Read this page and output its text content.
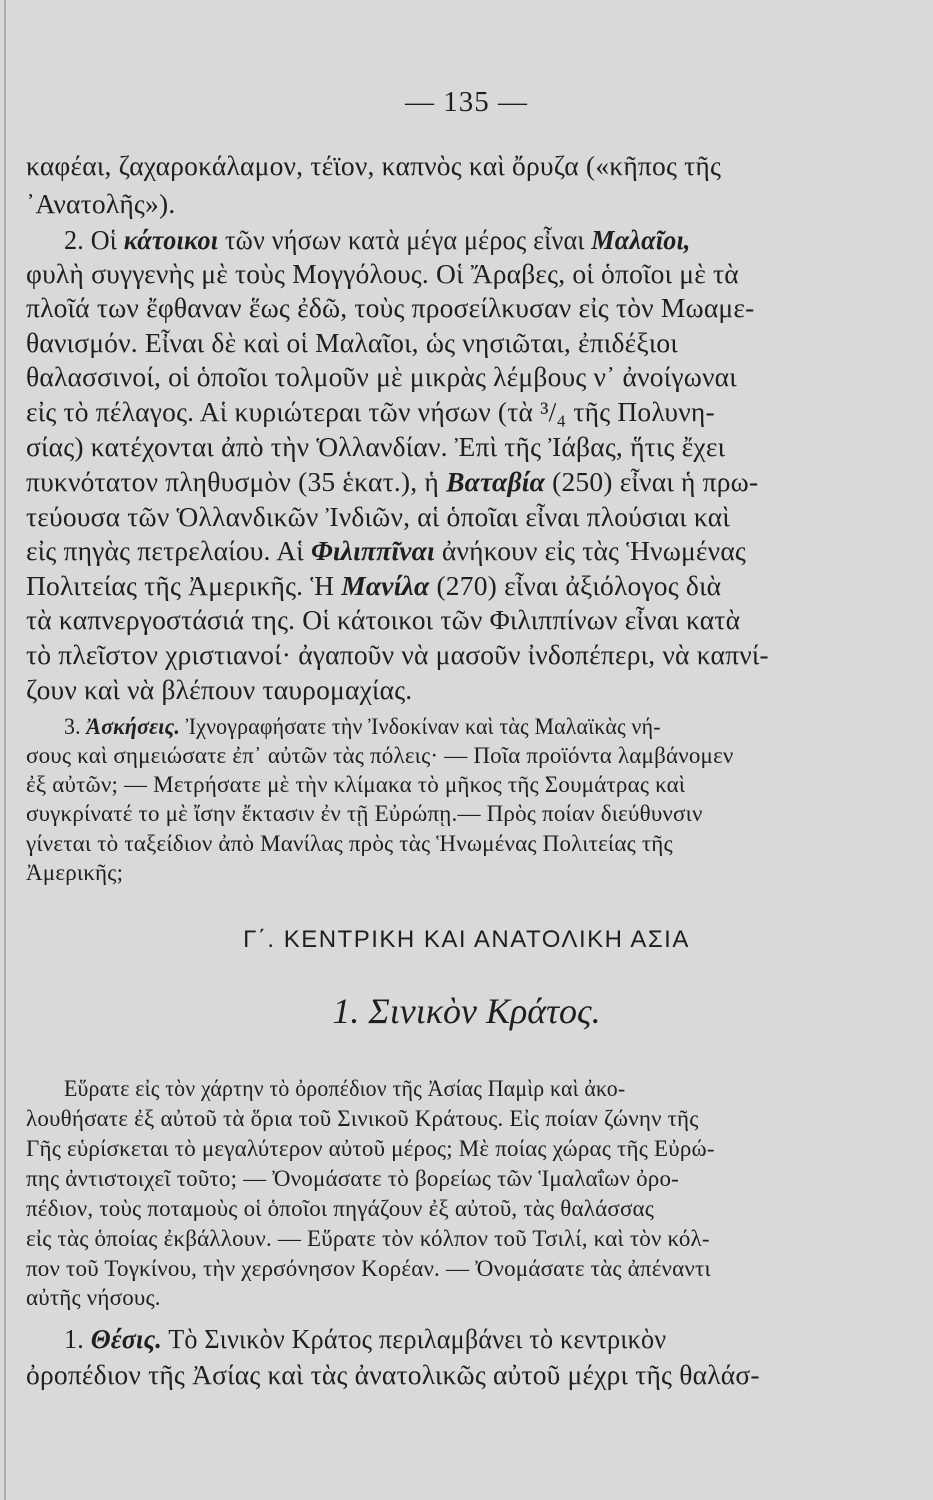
— 135 —
καφέαι, ζαχαροκάλαμον, τέϊον, καπνὸς καὶ ὄρυζα («κῆπος τῆς
᾿Ανατολῆς»).
2. Οἱ κάτοικοι τῶν νήσων κατὰ μέγα μέρος εἶναι Μαλαῖοι,
φυλὴ συγγενὴς μὲ τοὺς Μογγόλους. Οἱ Ἄραβες, οἱ ὁποῖοι μὲ τὰ
πλοῖά των ἔφθαναν ἕως ἐδῶ, τοὺς προσείλκυσαν εἰς τὸν Μωαμε-
θανισμόν. Εἶναι δὲ καὶ οἱ Μαλαῖοι, ὡς νησιῶται, ἐπιδέξιοι
θαλασσινοί, οἱ ὁποῖοι τολμοῦν μὲ μικρὰς λέμβους ν᾿ ἀνοίγωναι
εἰς τὸ πέλαγος. Αἱ κυριώτεραι τῶν νήσων (τὰ ³/₄ τῆς Πολυνη-
σίας) κατέχονται ἀπὸ τὴν Ὁλλανδίαν. Ἐπὶ τῆς Ἰάβας, ἥτις ἔχει
πυκνότατον πληθυσμὸν (35 ἑκατ.), ἡ Βαταβία (250) εἶναι ἡ πρω-
τεύουσα τῶν Ὁλλανδικῶν Ἰνδιῶν, αἱ ὁποῖαι εἶναι πλούσιαι καὶ
εἰς πηγὰς πετρελαίου. Αἱ Φιλιππῖναι ἀνήκουν εἰς τὰς Ἡνωμένας
Πολιτείας τῆς Ἀμερικῆς. Ἡ Μανίλα (270) εἶναι ἀξιόλογος διὰ
τὰ καπνεργοστάσιά της. Οἱ κάτοικοι τῶν Φιλιππίνων εἶναι κατὰ
τὸ πλεῖστον χριστιανοί· ἀγαποῦν νὰ μασοῦν ἰνδοπέπερι, νὰ καπνί-
ζουν καὶ νὰ βλέπουν ταυρομαχίας.
3. Ἀσκήσεις. Ἰχνογραφήσατε τὴν Ἰνδοκίναν καὶ τὰς Μαλαϊκὰς νή-
σους καὶ σημειώσατε ἐπ᾿ αὐτῶν τὰς πόλεις· — Ποῖα προϊόντα λαμβάνομεν
ἐξ αὐτῶν; — Μετρήσατε μὲ τὴν κλίμακα τὸ μῆκος τῆς Σουμάτρας καὶ
συγκρίνατέ το μὲ ἴσην ἔκτασιν ἐν τῇ Εὐρώπῃ.— Πρὸς ποίαν διεύθυνσιν
γίνεται τὸ ταξείδιον ἀπὸ Μανίλας πρὸς τὰς Ἡνωμένας Πολιτείας τῆς
Ἀμερικῆς;
Γ΄. ΚΕΝΤΡΙΚΗ ΚΑΙ ΑΝΑΤΟΛΙΚΗ ΑΣΙΑ
1. Σινικὸν Κράτος.
Εὕρατε εἰς τὸν χάρτην τὸ ὀροπέδιον τῆς Ἀσίας Παμὶρ καὶ ἀκο-
λουθήσατε ἐξ αὐτοῦ τὰ ὅρια τοῦ Σινικοῦ Κράτους. Εἰς ποίαν ζώνην τῆς
Γῆς εὑρίσκεται τὸ μεγαλύτερον αὐτοῦ μέρος; Μὲ ποίας χώρας τῆς Εὐρώ-
πης ἀντιστοιχεῖ τοῦτο; — Ὀνομάσατε τὸ βορείως τῶν Ἱμαλαΐων ὀρο-
πέδιον, τοὺς ποταμοὺς οἱ ὁποῖοι πηγάζουν ἐξ αὐτοῦ, τὰς θαλάσσας
εἰς τὰς ὁποίας ἐκβάλλουν. — Εὕρατε τὸν κόλπον τοῦ Τσιλί, καὶ τὸν κόλ-
πον τοῦ Τογκίνου, τὴν χερσόνησον Κορέαν. — Ὀνομάσατε τὰς ἀπέναντι
αὐτῆς νήσους.
1. Θέσις. Τὸ Σινικὸν Κράτος περιλαμβάνει τὸ κεντρικὸν
ὀροπέδιον τῆς Ἀσίας καὶ τὰς ἀνατολικῶς αὐτοῦ μέχρι τῆς θαλάσ-
